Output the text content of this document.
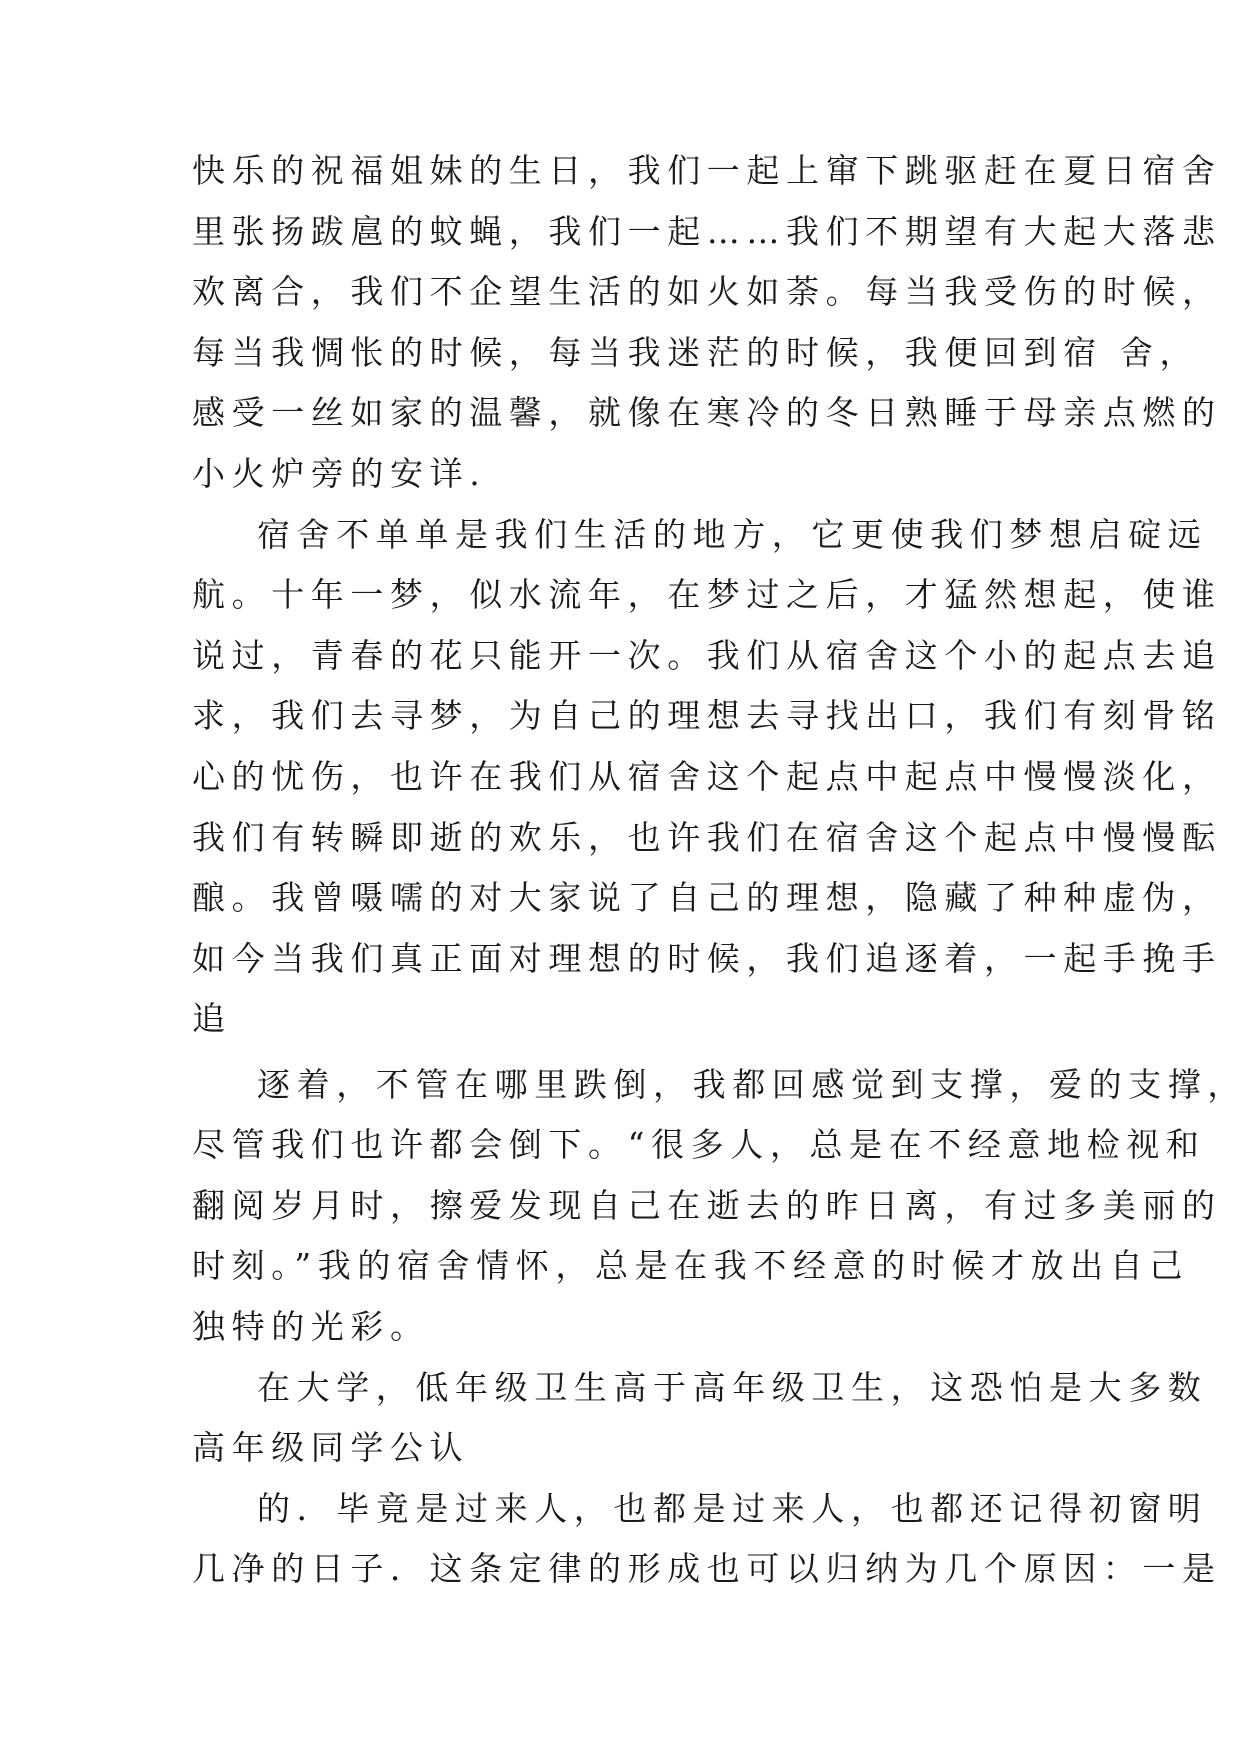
快乐的祝福姐妹的生日，我们一起上窜下跳驱赶在夏日宿舍
里张扬跋扈的蚊蝇，我们一起……我们不期望有大起大落悲
欢离合，我们不企望生活的如火如荼。每当我受伤的时候，
每当我惆怅的时候，每当我迷茫的时候，我便回到宿 舍，
感受一丝如家的温馨，就像在寒冷的冬日熟睡于母亲点燃的
小火炉旁的安详.
宿舍不单单是我们生活的地方，它更使我们梦想启碇远
航。十年一梦，似水流年，在梦过之后，才猛然想起，使谁
说过，青春的花只能开一次。我们从宿舍这个小的起点去追
求，我们去寻梦，为自己的理想去寻找出口，我们有刻骨铭
心的忧伤，也许在我们从宿舍这个起点中起点中慢慢淡化，
我们有转瞬即逝的欢乐，也许我们在宿舍这个起点中慢慢酝
酿。我曾嗫嚅的对大家说了自己的理想，隐藏了种种虚伪，
如今当我们真正面对理想的时候，我们追逐着，一起手挽手
追
逐着，不管在哪里跌倒，我都回感觉到支撑，爱的支撑，
尽管我们也许都会倒下。“很多人，总是在不经意地检视和
翻阅岁月时，擦爱发现自己在逝去的昨日离，有过多美丽的
时刻。”我的宿舍情怀，总是在我不经意的时候才放出自己
独特的光彩。
在大学，低年级卫生高于高年级卫生，这恐怕是大多数
高年级同学公认
的．毕竟是过来人，也都是过来人，也都还记得初窗明
几净的日子．这条定律的形成也可以归纳为几个原因：一是
